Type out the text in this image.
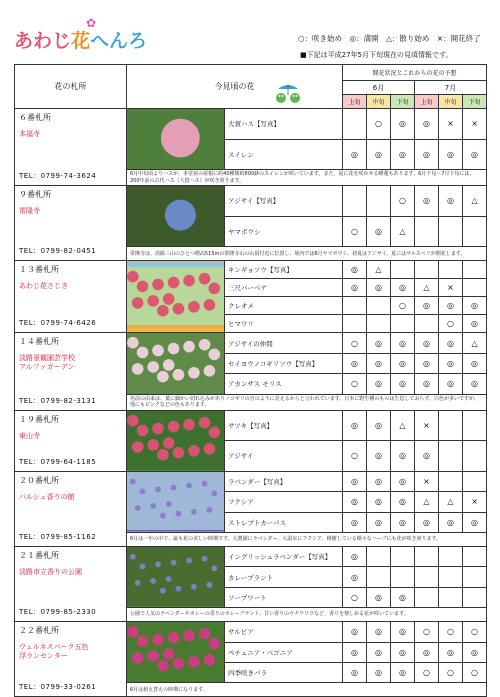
あわじ花へんろ
✿
○：咲き始め　◎：満開　△：散り始め　×：開花終了
■下記は平成27年5月下旬現在の見頃情報です。
花の札所	今見頃の花		開花状況とこれからの花の予想					
			6月			7月		
			上旬	中旬	下旬	上旬	中旬	下旬

６番札所
本福寺
TEL：0799-74-3624		大賀ハス【写真】		○	◎	◎	×	×
		スイレン	◎	◎	◎	◎	◎	◎
	6月中旬頃よりハスが、本堂屋の屋根に約40種類約800鉢のスイレンが咲いています。また、夏に花を咲かせる睡蓮もあります。6月下旬〜7月下旬には、200年前の古代ハス（大賀ハス）が咲き誇ります。							

９番札所
常隆寺
TEL：0799-82-0451		アジサイ【写真】			○	◎	◎	△
		ヤマボウシ	○	◎	△			
	常隆寺は、淡路三山のひとつ標高515mの常隆寺山の山頂付近に位置し、境内では6月ヤマボウシ、初夏はアジサイ、夏にはサルスベリが開花します。							

１３番札所
あわじ花さじき
TEL：0799-74-6426		キンギョソウ【写真】	◎	△				
		三尺バーベナ	◎	◎	◎	△	×	
		クレオメ			○	◎	◎	◎
		ヒマワリ					○	◎

１４番札所
淡路景観園芸学校
アルファガーデン
TEL：0799-82-3131		アジサイの仲間	○	◎	◎	◎	◎	△
		セイヨウノコギリソウ【写真】	◎	◎	◎	◎	◎	◎
		アカンサス モリス	○	◎	◎	◎	◎	◎
	名前の由来は、葉に細かい切れ込みがありノコギリの刃のように見えるからと言われています。日本に野生種のものは生息しておらず、白色が多いですが、他にもピンクなどの色もあります。							

１９番札所
東山寺
TEL：0799-64-1185		サツキ【写真】	◎	◎	△	×		
		アジサイ	○	◎	◎	◎		

２０番札所
パルシェ香りの館
TEL：0799-85-1162		ラベンダー【写真】	◎	◎	◎	×		
		フクシア	◎	◎	◎	△	△	×
		ストレプトカーパス	◎	◎	◎	◎	◎	◎
	6月は一年の中で、最も花の美しい時期です。大農園にラベンダー、大温室にフクシア、植樹している様々なハーブにも花が咲き誇ります。							

２１番札所
淡路市立香りの公園
TEL：0799-85-2330		イングリッシュラベンダー【写真】	◎					
		カレープラント	◎					
		ソープワート	○	◎	◎			
	公園で人気のラベンダーやカレーの香りのカレープラント、甘い香りのウチワソウなど、香りを楽しめる花が咲いています。							

２２番札所
ウェルネスパーク五色
浮ランセンター
TEL：0799-33-0261		サルビア	◎	◎	◎	○	○	○
		ペチュニア・ベゴニア	◎	◎	◎	◎	◎	◎
		四季咲きバラ	◎	◎	◎	○	○	○
	6月は植え替えの時期になります。							
